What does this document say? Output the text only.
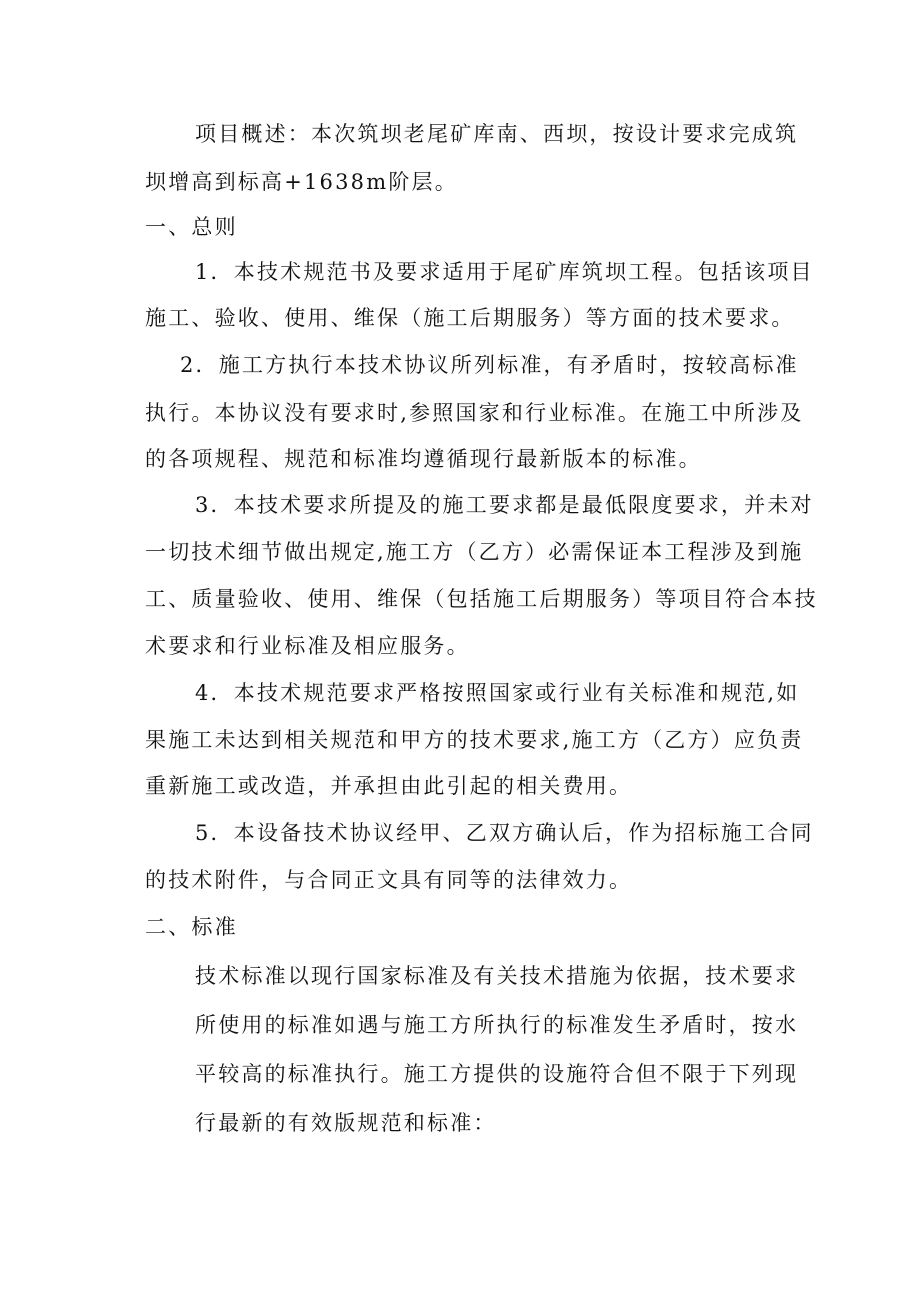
项目概述：本次筑坝老尾矿库南、西坝，按设计要求完成筑
坝增高到标高+1638m阶层。
一、总则
1．本技术规范书及要求适用于尾矿库筑坝工程。包括该项目
施工、验收、使用、维保（施工后期服务）等方面的技术要求。
2．施工方执行本技术协议所列标准，有矛盾时，按较高标准
执行。本协议没有要求时,参照国家和行业标准。在施工中所涉及
的各项规程、规范和标准均遵循现行最新版本的标准。
3．本技术要求所提及的施工要求都是最低限度要求，并未对
一切技术细节做出规定,施工方（乙方）必需保证本工程涉及到施
工、质量验收、使用、维保（包括施工后期服务）等项目符合本技
术要求和行业标准及相应服务。
4．本技术规范要求严格按照国家或行业有关标准和规范,如
果施工未达到相关规范和甲方的技术要求,施工方（乙方）应负责
重新施工或改造，并承担由此引起的相关费用。
5．本设备技术协议经甲、乙双方确认后，作为招标施工合同
的技术附件，与合同正文具有同等的法律效力。
二、标准
技术标准以现行国家标准及有关技术措施为依据，技术要求
所使用的标准如遇与施工方所执行的标准发生矛盾时，按水
平较高的标准执行。施工方提供的设施符合但不限于下列现
行最新的有效版规范和标准：
